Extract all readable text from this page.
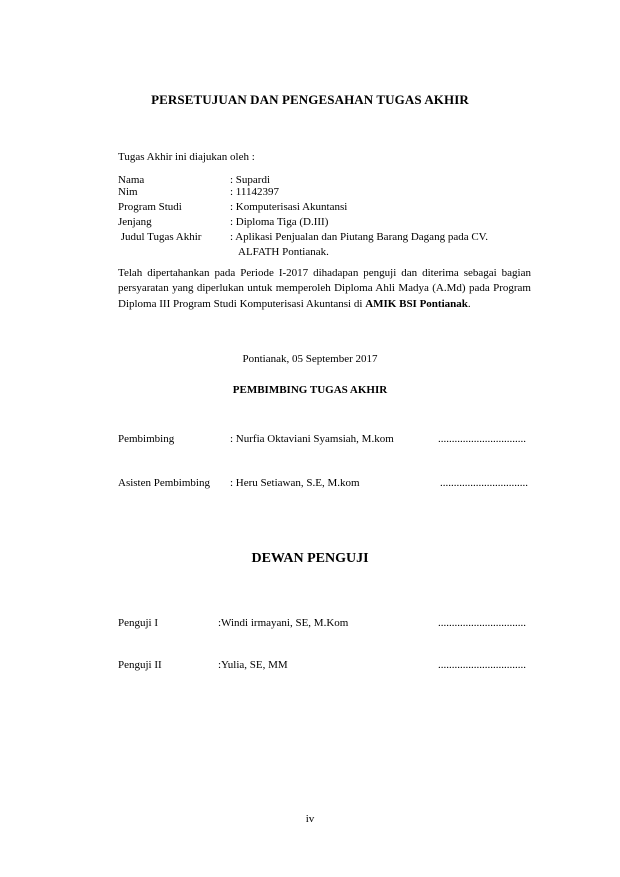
PERSETUJUAN DAN PENGESAHAN TUGAS AKHIR
Tugas Akhir ini diajukan oleh :
Nama	: Supardi
Nim	: 11142397
Program Studi	: Komputerisasi Akuntansi
Jenjang	: Diploma Tiga (D.III)
Judul Tugas Akhir	: Aplikasi Penjualan dan Piutang Barang Dagang pada CV.
ALFATH Pontianak.
Telah dipertahankan pada Periode I-2017 dihadapan penguji dan diterima sebagai bagian persyaratan yang diperlukan untuk memperoleh Diploma Ahli Madya (A.Md) pada Program Diploma III Program Studi Komputerisasi Akuntansi di AMIK BSI Pontianak.
Pontianak, 05 September 2017
PEMBIMBING TUGAS AKHIR
Pembimbing	: Nurfia Oktaviani Syamsiah, M.kom	................................
Asisten Pembimbing : Heru Setiawan, S.E, M.kom	................................
DEWAN PENGUJI
Penguji I	:Windi irmayani, SE, M.Kom	................................
Penguji II	:Yulia, SE, MM	................................
iv
